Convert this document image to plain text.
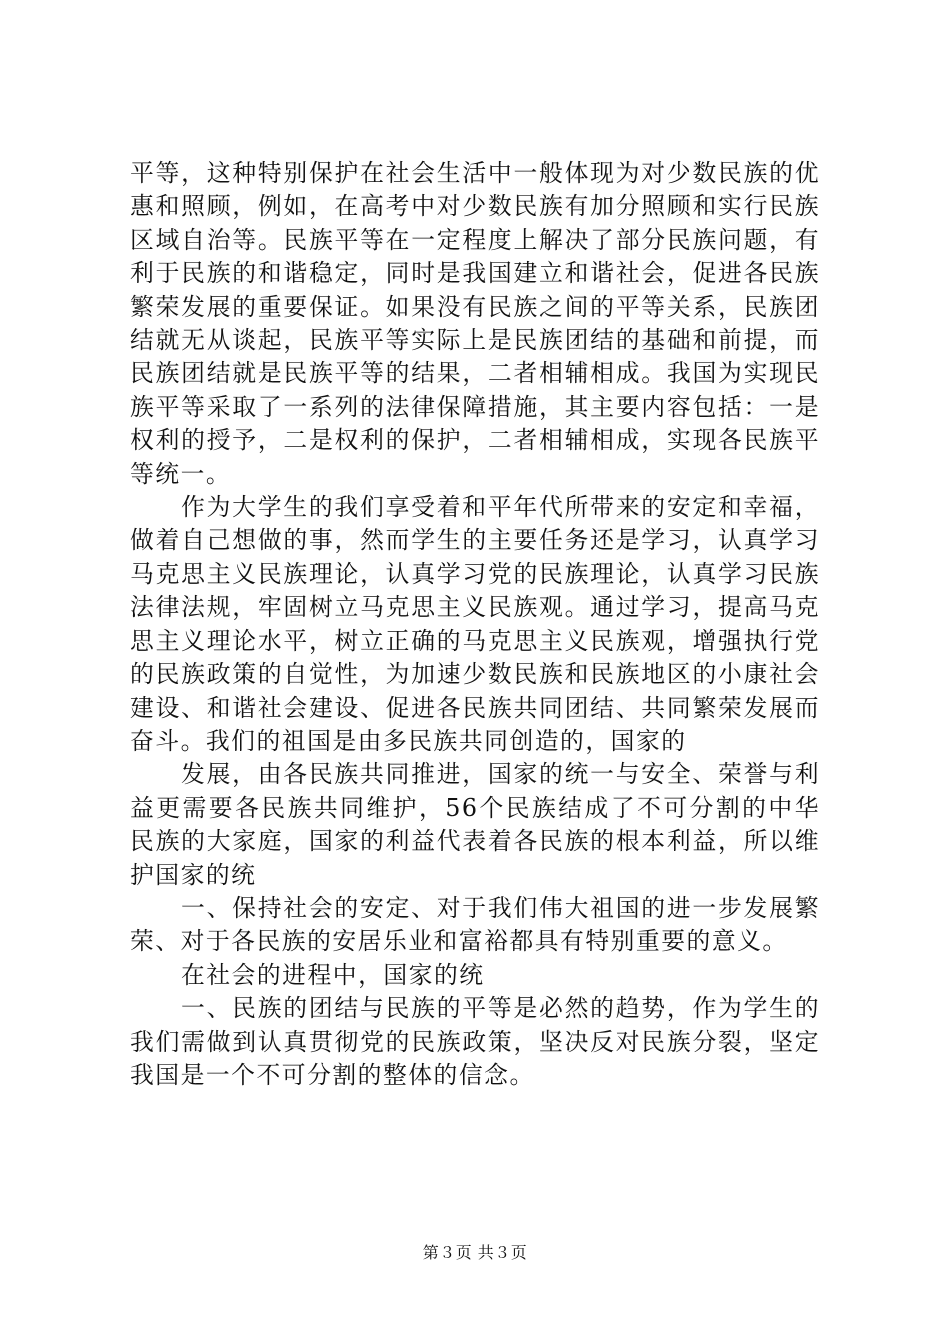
平等，这种特别保护在社会生活中一般体现为对少数民族的优惠和照顾，例如，在高考中对少数民族有加分照顾和实行民族区域自治等。民族平等在一定程度上解决了部分民族问题，有利于民族的和谐稳定，同时是我国建立和谐社会，促进各民族繁荣发展的重要保证。如果没有民族之间的平等关系，民族团结就无从谈起，民族平等实际上是民族团结的基础和前提，而民族团结就是民族平等的结果，二者相辅相成。我国为实现民族平等采取了一系列的法律保障措施，其主要内容包括：一是权利的授予，二是权利的保护，二者相辅相成，实现各民族平等统一。

作为大学生的我们享受着和平年代所带来的安定和幸福，做着自己想做的事，然而学生的主要任务还是学习，认真学习马克思主义民族理论，认真学习党的民族理论，认真学习民族法律法规，牢固树立马克思主义民族观。通过学习，提高马克思主义理论水平，树立正确的马克思主义民族观，增强执行党的民族政策的自觉性，为加速少数民族和民族地区的小康社会建设、和谐社会建设、促进各民族共同团结、共同繁荣发展而奋斗。我们的祖国是由多民族共同创造的，国家的

发展，由各民族共同推进，国家的统一与安全、荣誉与利益更需要各民族共同维护，56个民族结成了不可分割的中华民族的大家庭，国家的利益代表着各民族的根本利益，所以维护国家的统

一、保持社会的安定、对于我们伟大祖国的进一步发展繁荣、对于各民族的安居乐业和富裕都具有特别重要的意义。

在社会的进程中，国家的统

一、民族的团结与民族的平等是必然的趋势，作为学生的我们需做到认真贯彻党的民族政策，坚决反对民族分裂，坚定我国是一个不可分割的整体的信念。

第３页 共３页
